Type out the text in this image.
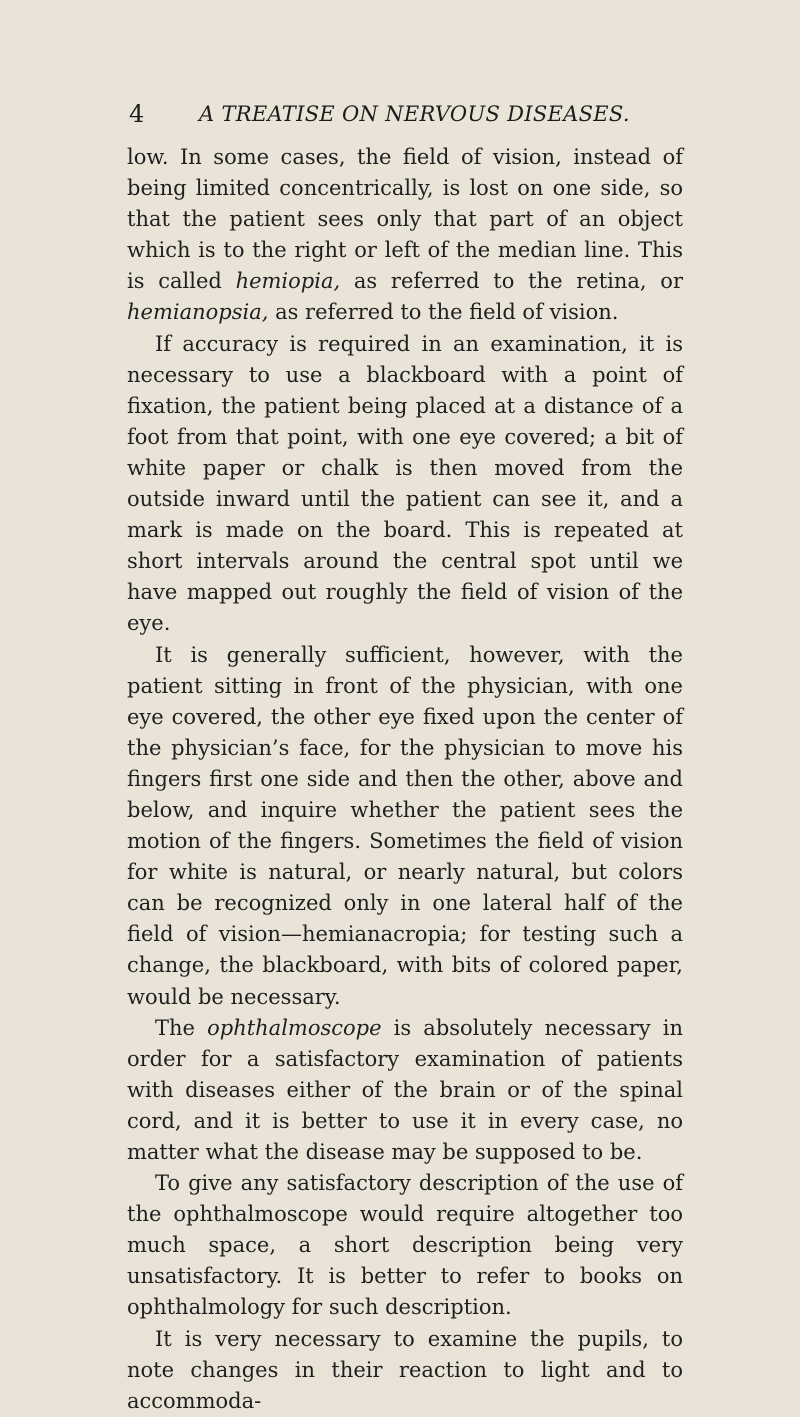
4	A TREATISE ON NERVOUS DISEASES.

low. In some cases, the field of vision, instead of being limited concentrically, is lost on one side, so that the patient sees only that part of an object which is to the right or left of the median line. This is called hemiopia, as referred to the retina, or hemianopsia, as referred to the field of vision.

If accuracy is required in an examination, it is necessary to use a blackboard with a point of fixation, the patient being placed at a distance of a foot from that point, with one eye covered; a bit of white paper or chalk is then moved from the outside inward until the patient can see it, and a mark is made on the board. This is repeated at short intervals around the central spot until we have mapped out roughly the field of vision of the eye.

It is generally sufficient, however, with the patient sitting in front of the physician, with one eye covered, the other eye fixed upon the center of the physician’s face, for the physician to move his fingers first one side and then the other, above and below, and inquire whether the patient sees the motion of the fingers. Sometimes the field of vision for white is natural, or nearly natural, but colors can be recognized only in one lateral half of the field of vision—hemianacropia; for testing such a change, the blackboard, with bits of colored paper, would be necessary.

The ophthalmoscope is absolutely necessary in order for a satisfactory examination of patients with diseases either of the brain or of the spinal cord, and it is better to use it in every case, no matter what the disease may be supposed to be.

To give any satisfactory description of the use of the ophthalmoscope would require altogether too much space, a short description being very unsatisfactory. It is better to refer to books on ophthalmology for such description.

It is very necessary to examine the pupils, to note changes in their reaction to light and to accommoda-
